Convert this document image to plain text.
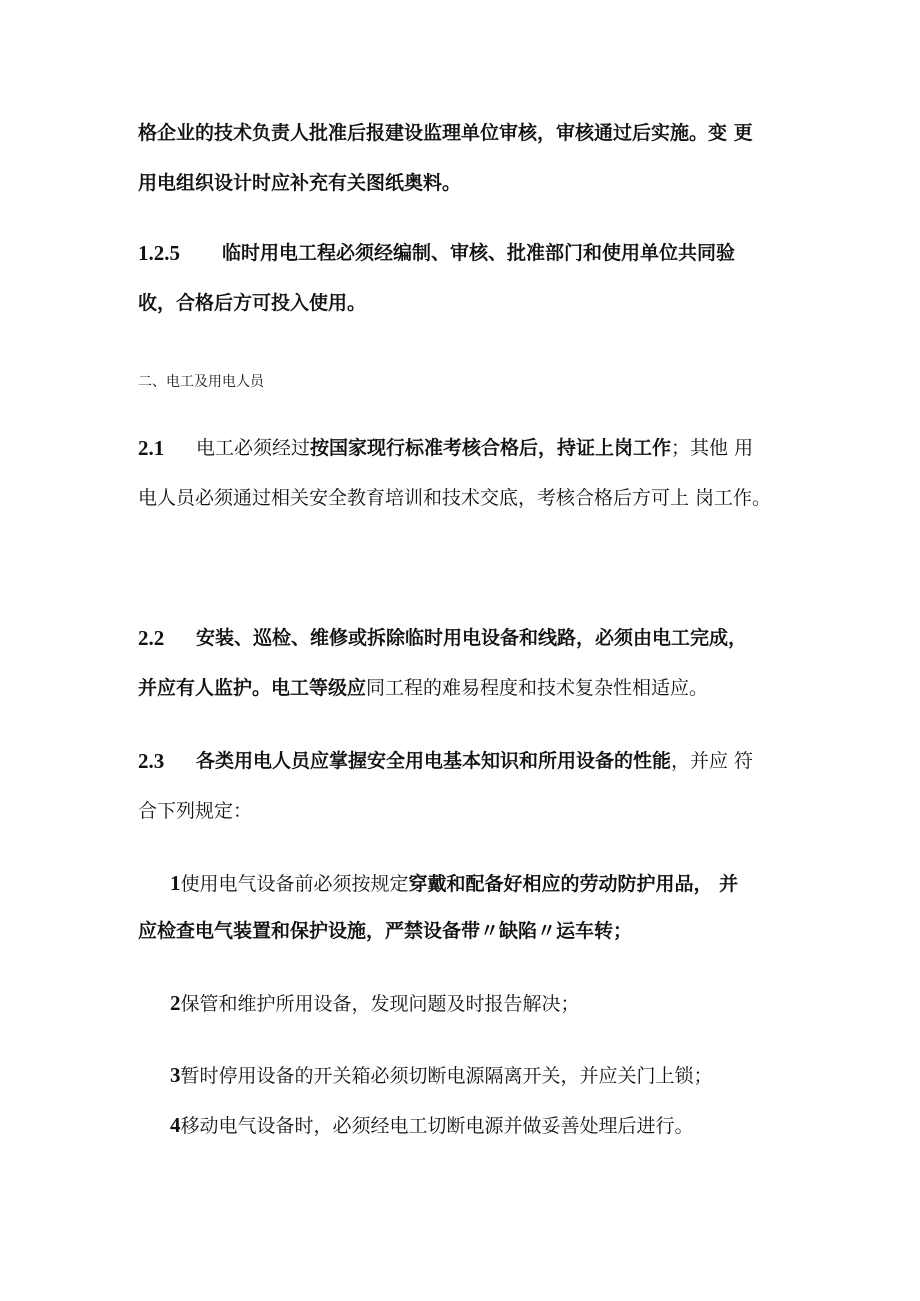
格企业的技术负责人批准后报建设监理单位审核，审核通过后实施。变 更
用电组织设计时应补充有关图纸奥料。
1.2.5 临时用电工程必须经编制、审核、批准部门和使用单位共同验
收，合格后方可投入使用。
二、电工及用电人员
2.1 电工必须经过按国家现行标准考核合格后，持证上岗工作；其他 用
电人员必须通过相关安全教育培训和技术交底，考核合格后方可上 岗工作。
2.2 安装、巡检、维修或拆除临时用电设备和线路，必须由电工完成，
并应有人监护。电工等级应同工程的难易程度和技术复杂性相适应。
2.3 各类用电人员应掌握安全用电基本知识和所用设备的性能，并应 符
合下列规定：
1使用电气设备前必须按规定穿戴和配备好相应的劳动防护用品， 并
应检查电气装置和保护设施，严禁设备带〃缺陷〃运车转；
2保管和维护所用设备，发现问题及时报告解决；
3暂时停用设备的开关箱必须切断电源隔离开关，并应关门上锁；
4移动电气设备时，必须经电工切断电源并做妥善处理后进行。
